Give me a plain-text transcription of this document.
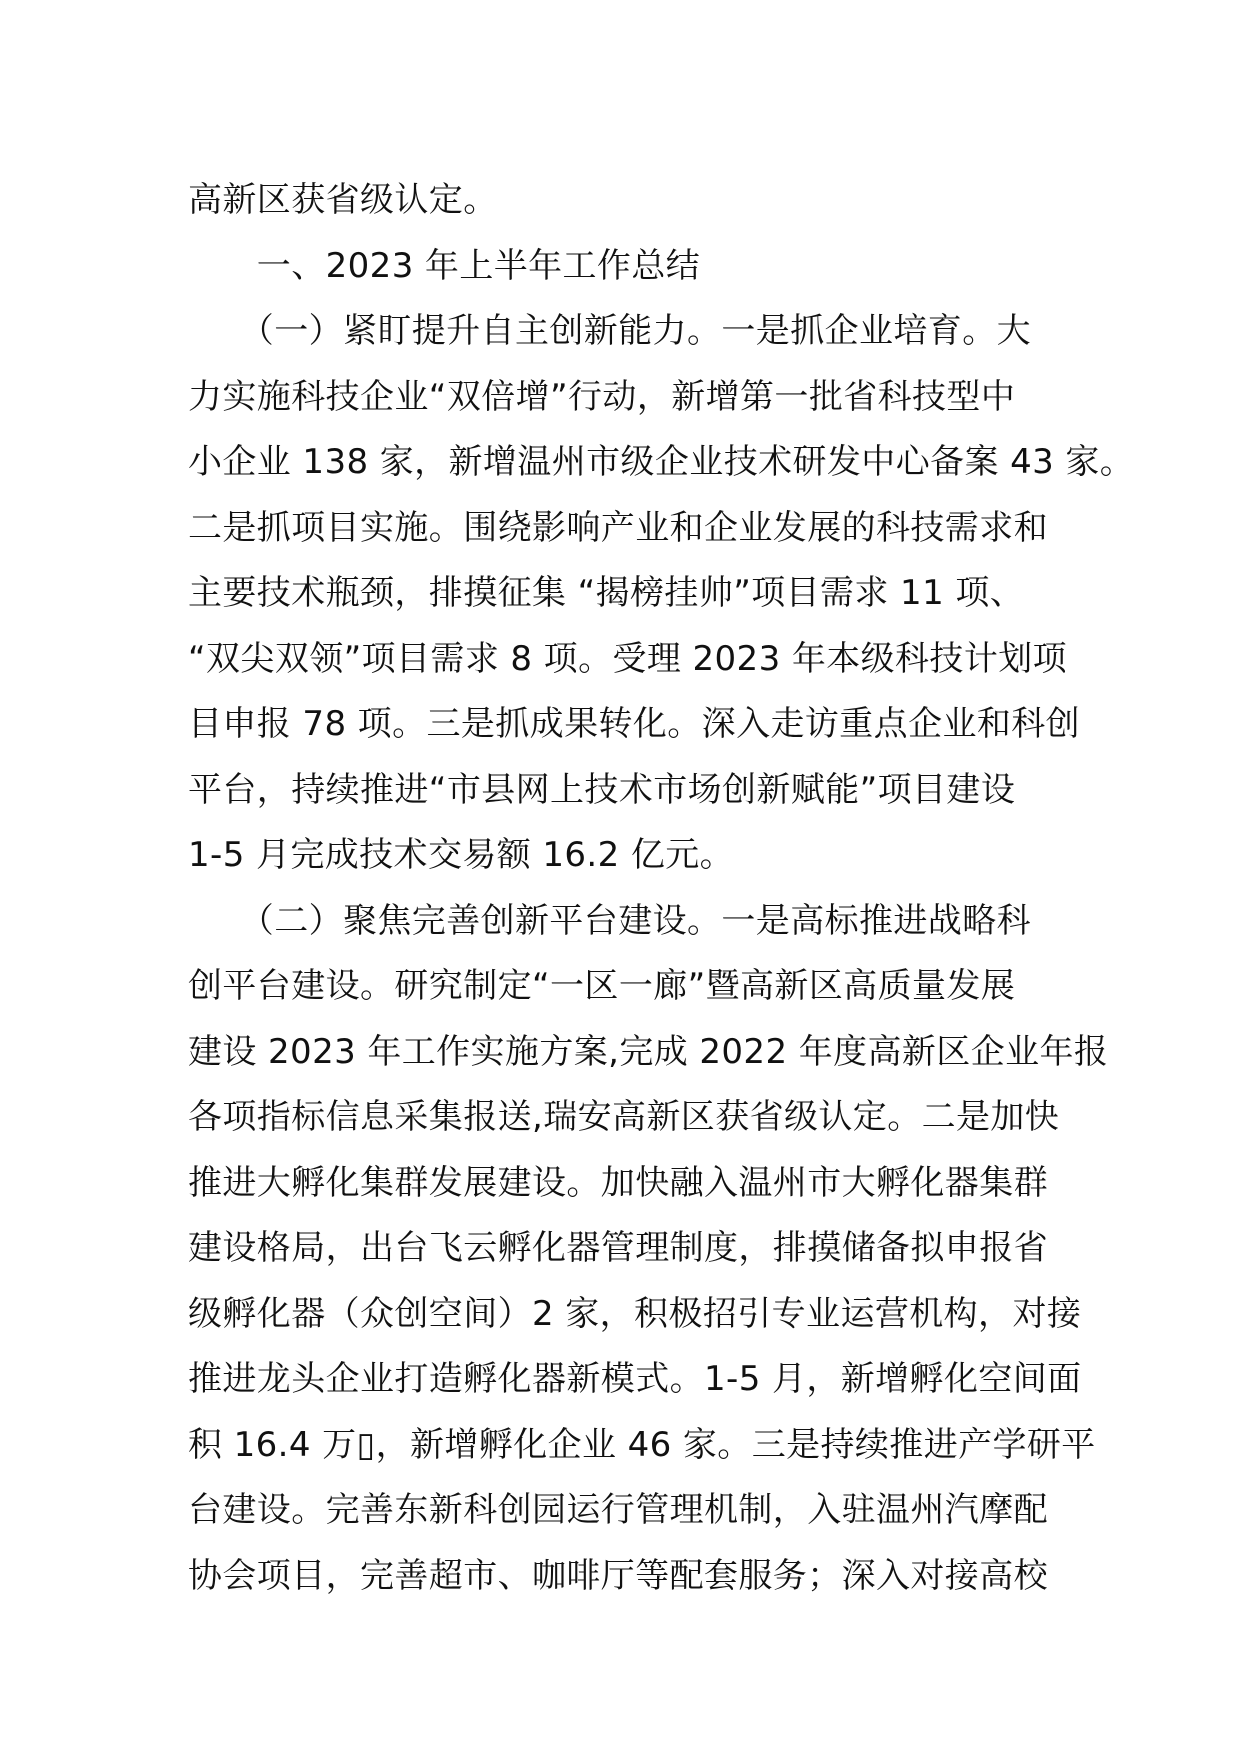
高新区获省级认定。
　　一、2023 年上半年工作总结
　　（一）紧盯提升自主创新能力。一是抓企业培育。大
力实施科技企业“双倍增”行动，新增第一批省科技型中
小企业 138 家，新增温州市级企业技术研发中心备案 43 家。
二是抓项目实施。围绕影响产业和企业发展的科技需求和
主要技术瓶颈，排摸征集 “揭榜挂帅”项目需求 11 项、
“双尖双领”项目需求 8 项。受理 2023 年本级科技计划项
目申报 78 项。三是抓成果转化。深入走访重点企业和科创
平台，持续推进“市县网上技术市场创新赋能”项目建设
1-5 月完成技术交易额 16.2 亿元。
　　（二）聚焦完善创新平台建设。一是高标推进战略科
创平台建设。研究制定“一区一廊”暨高新区高质量发展
建设 2023 年工作实施方案,完成 2022 年度高新区企业年报
各项指标信息采集报送,瑞安高新区获省级认定。二是加快
推进大孵化集群发展建设。加快融入温州市大孵化器集群
建设格局，出台飞云孵化器管理制度，排摸储备拟申报省
级孵化器（众创空间）2 家，积极招引专业运营机构，对接
推进龙头企业打造孵化器新模式。1-5 月，新增孵化空间面
积 16.4 万▯，新增孵化企业 46 家。三是持续推进产学研平
台建设。完善东新科创园运行管理机制，入驻温州汽摩配
协会项目，完善超市、咖啡厅等配套服务；深入对接高校
